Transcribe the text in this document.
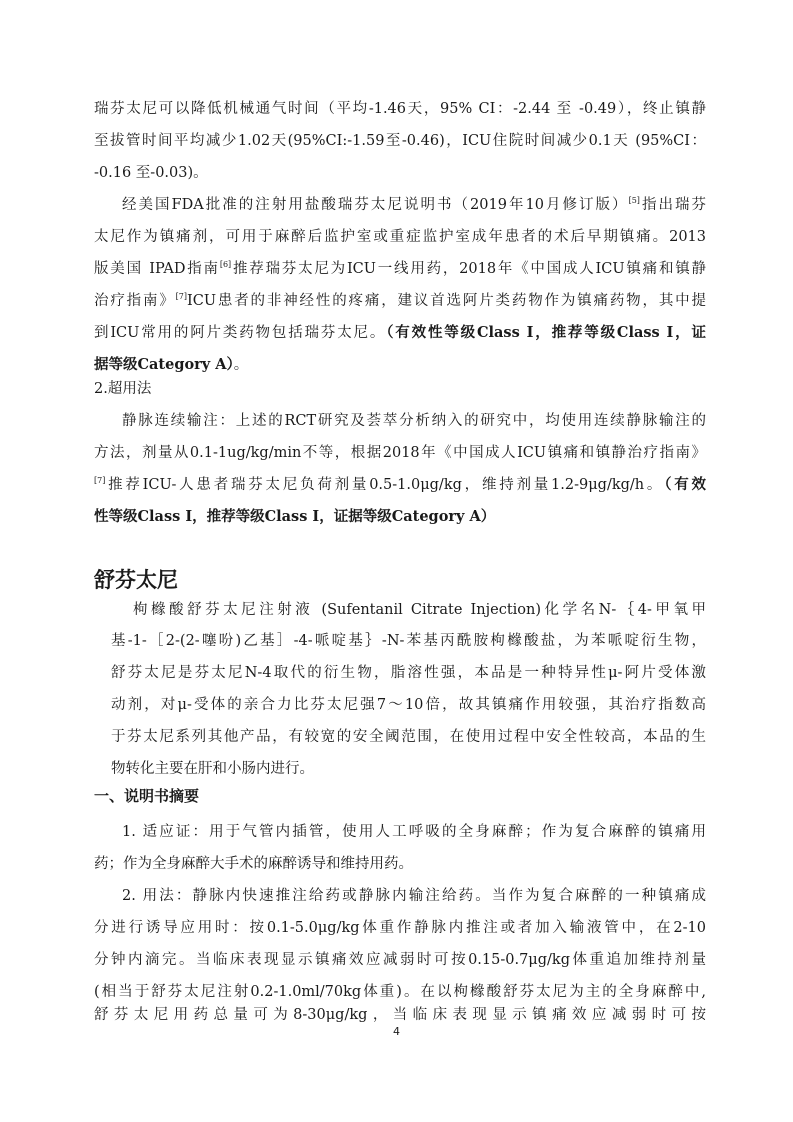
瑞芬太尼可以降低机械通气时间（平均-1.46天，95% CI：-2.44 至 -0.49），终止镇静
至拔管时间平均减少1.02天(95%CI:-1.59至-0.46)，ICU住院时间减少0.1天 (95%CI：
-0.16 至-0.03)。
经美国FDA批准的注射用盐酸瑞芬太尼说明书（2019年10月修订版）[5]指出瑞芬
太尼作为镇痛剂，可用于麻醉后监护室或重症监护室成年患者的术后早期镇痛。2013
版美国 IPAD指南[6]推荐瑞芬太尼为ICU一线用药，2018年《中国成人ICU镇痛和镇静
治疗指南》[7]ICU患者的非神经性的疼痛，建议首选阿片类药物作为镇痛药物，其中提
到ICU常用的阿片类药物包括瑞芬太尼。（有效性等级Class I，推荐等级Class I，证
据等级Category A）。
2.超用法
静脉连续输注：上述的RCT研究及荟萃分析纳入的研究中，均使用连续静脉输注的
方法，剂量从0.1-1ug/kg/min不等，根据2018年《中国成人ICU镇痛和镇静治疗指南》
[7]推荐ICU-人患者瑞芬太尼负荷剂量0.5-1.0μg/kg，维持剂量1.2-9μg/kg/h。（有效
性等级Class I，推荐等级Class I，证据等级Category A）
舒芬太尼
枸橼酸舒芬太尼注射液 (Sufentanil Citrate Injection)化学名N-｛4-甲氧甲
基-1-［2-(2-噻吩)乙基］-4-哌啶基｝-N-苯基丙酰胺枸橼酸盐，为苯哌啶衍生物，
舒芬太尼是芬太尼N-4取代的衍生物，脂溶性强，本品是一种特异性μ-阿片受体激
动剂，对μ-受体的亲合力比芬太尼强7～10倍，故其镇痛作用较强，其治疗指数高
于芬太尼系列其他产品，有较宽的安全阈范围，在使用过程中安全性较高，本品的生
物转化主要在肝和小肠内进行。
一、说明书摘要
1. 适应证：用于气管内插管，使用人工呼吸的全身麻醉；作为复合麻醉的镇痛用
药；作为全身麻醉大手术的麻醉诱导和维持用药。
2. 用法：静脉内快速推注给药或静脉内输注给药。当作为复合麻醉的一种镇痛成
分进行诱导应用时：按0.1-5.0μg/kg体重作静脉内推注或者加入输液管中，在2-10
分钟内滴完。当临床表现显示镇痛效应减弱时可按0.15-0.7μg/kg体重追加维持剂量
(相当于舒芬太尼注射0.2-1.0ml/70kg体重)。在以枸橼酸舒芬太尼为主的全身麻醉中,
舒芬太尼用药总量可为8-30μg/kg，当临床表现显示镇痛效应减弱时可按
4
